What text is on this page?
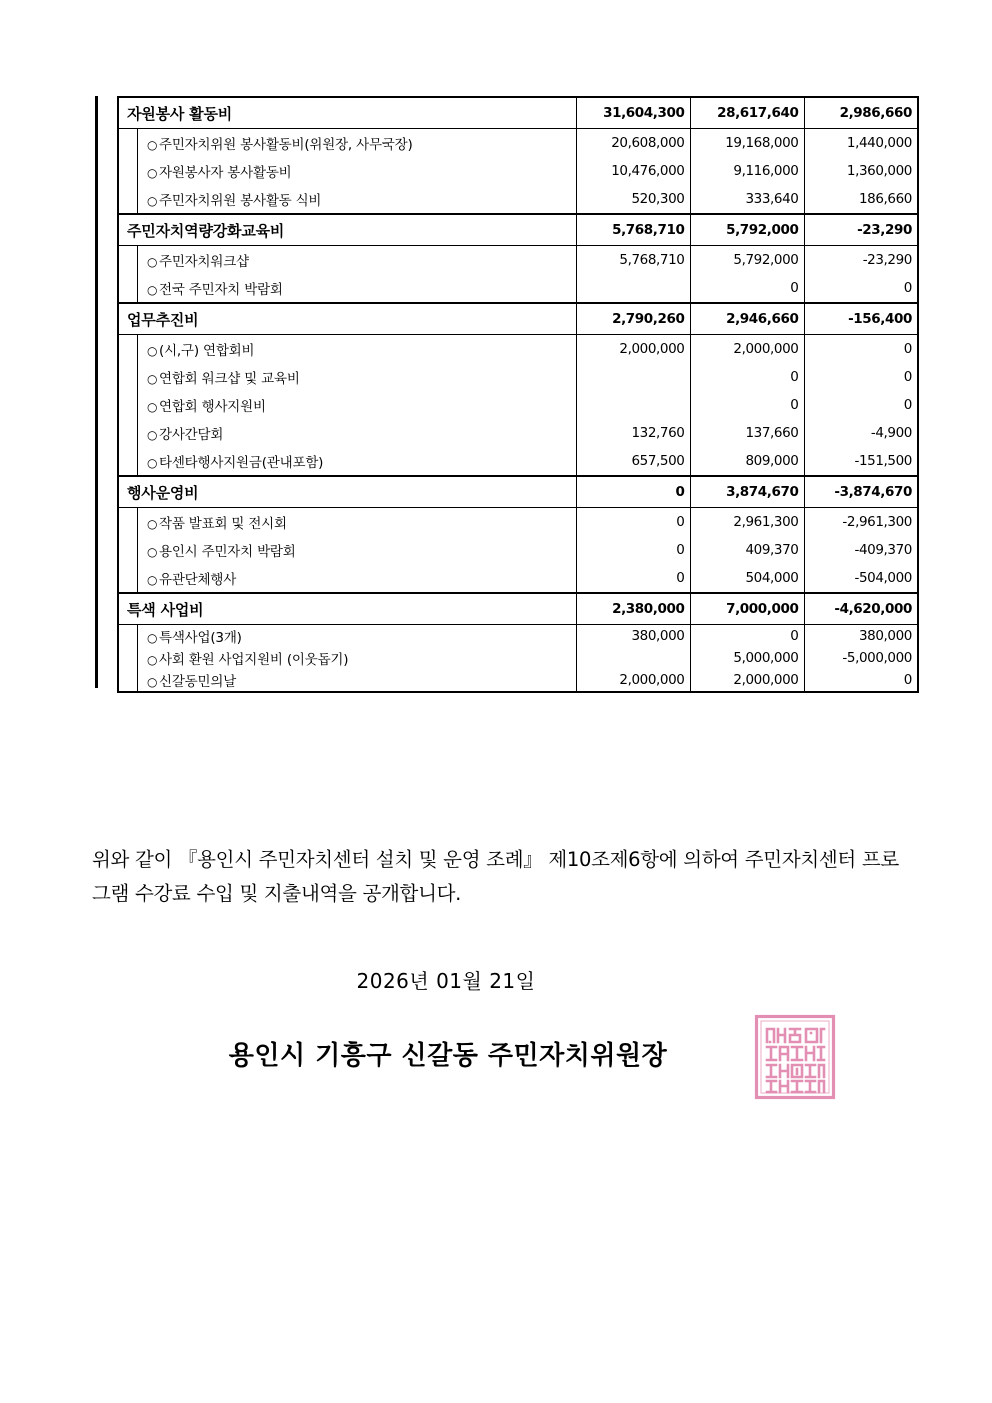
자원봉사 활동비	31,604,300	28,617,640	2,986,660

○ 주민자치위원 봉사활동비(위원장, 사무국장)	20,608,000	19,168,000	1,440,000

○ 자원봉사자 봉사활동비	10,476,000	9,116,000	1,360,000

○ 주민자치위원 봉사활동 식비	520,300	333,640	186,660
주민자치역량강화교육비	5,768,710	5,792,000	-23,290

○ 주민자치워크샵	5,768,710	5,792,000	-23,290

○ 전국 주민자치 박람회		0	0
업무추진비	2,790,260	2,946,660	-156,400

○ (시,구) 연합회비	2,000,000	2,000,000	0

○ 연합회 워크샵 및 교육비		0	0

○ 연합회 행사지원비		0	0

○ 강사간담회	132,760	137,660	-4,900

○ 타센타행사지원금(관내포함)	657,500	809,000	-151,500
행사운영비	0	3,874,670	-3,874,670

○ 작품 발표회 및 전시회	0	2,961,300	-2,961,300

○ 용인시 주민자치 박람회	0	409,370	-409,370

○ 유관단체행사	0	504,000	-504,000
특색 사업비	2,380,000	7,000,000	-4,620,000

○ 특색사업(3개)	380,000	0	380,000

○ 사회 환원 사업지원비 (이웃돕기)		5,000,000	-5,000,000

○ 신갈동민의날	2,000,000	2,000,000	0
위와 같이 『용인시 주민자치센터 설치 및 운영 조례』 제10조제6항에 의하여 주민자치센터 프로그램 수강료 수입 및 지출내역을 공개합니다.
2026년 01월 21일
용인시 기흥구 신갈동 주민자치위원장
